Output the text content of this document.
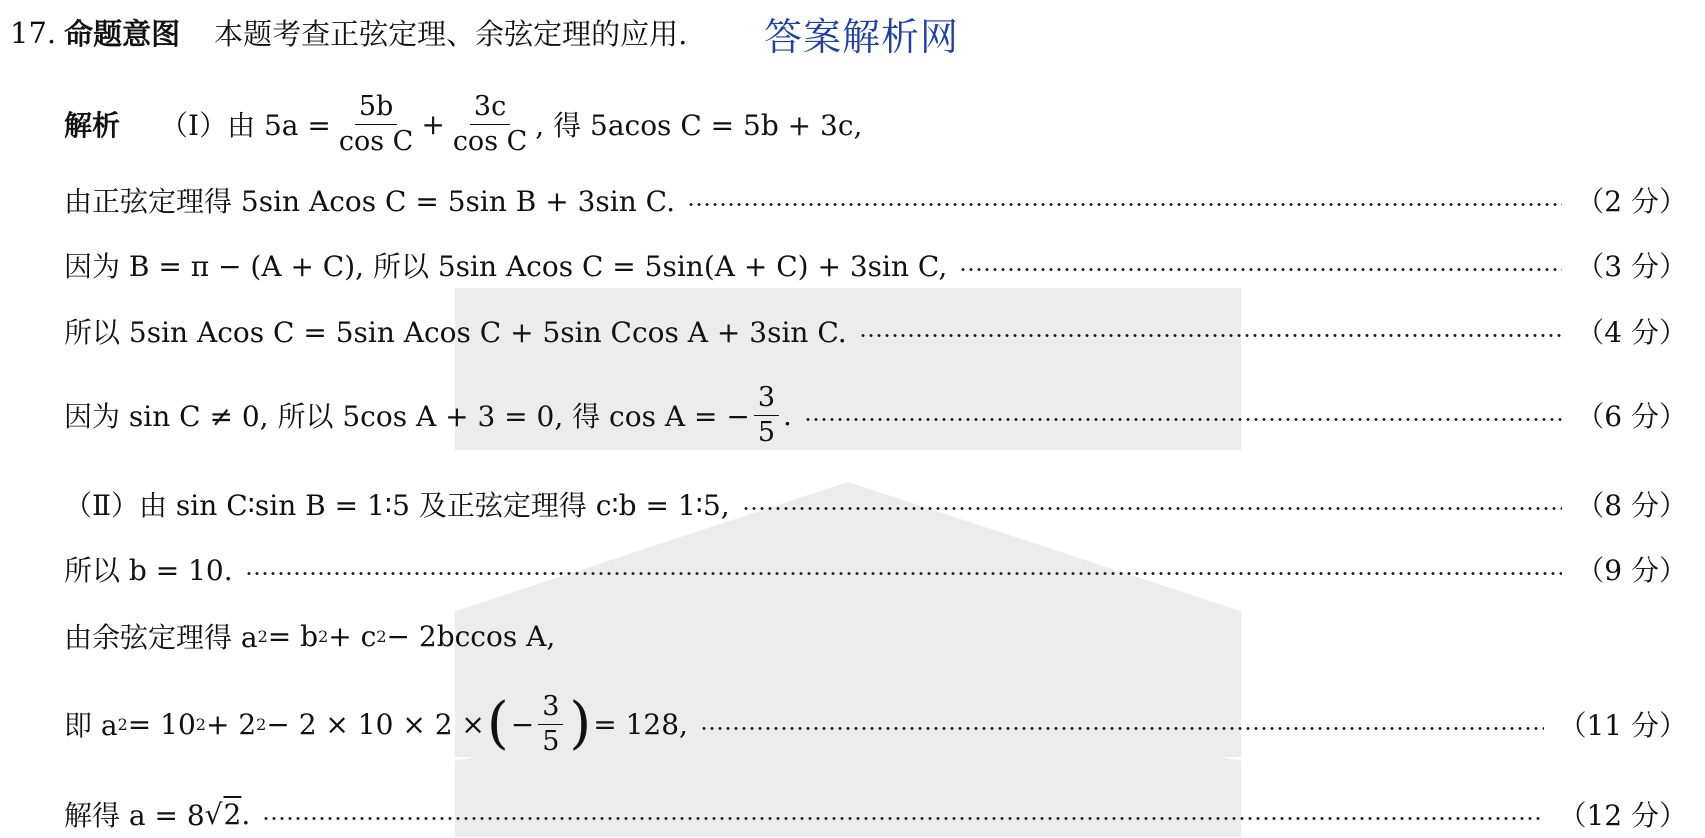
17. 命题意图 本题考查正弦定理、余弦定理的应用. 答案解析网
解析 （Ⅰ）由 $5a = \frac{5b}{\text{cos C}} + \frac{3c}{\text{cos C}}$ , 得 5acos C = 5b + 3c,
由正弦定理得 5sin Acos C = 5sin B + 3sin C.	（2 分）
因为 B = π − (A + C), 所以 5sin Acos C = 5sin(A + C) + 3sin C,	（3 分）
所以 5sin Acos C = 5sin Acos C + 5sin Ccos A + 3sin C.	（4 分）
因为 sin C ≠ 0, 所以 5cos A + 3 = 0, 得 cos A = − $\frac{3}{5}$ .	（6 分）
（Ⅱ）由 sin C∶sin B = 1∶5 及正弦定理得 c∶b = 1∶5,	（8 分）
所以 b = 10.	（9 分）
由余弦定理得 a 2 = b 2 + c 2 − 2bccos A,
即 a 2 = 10 2 + 2 2 − 2 × 10 × 2 × ( − $\frac{3}{5}$ ) = 128,	（11 分）
解得 a = 8 √ 2 .	（12 分）
